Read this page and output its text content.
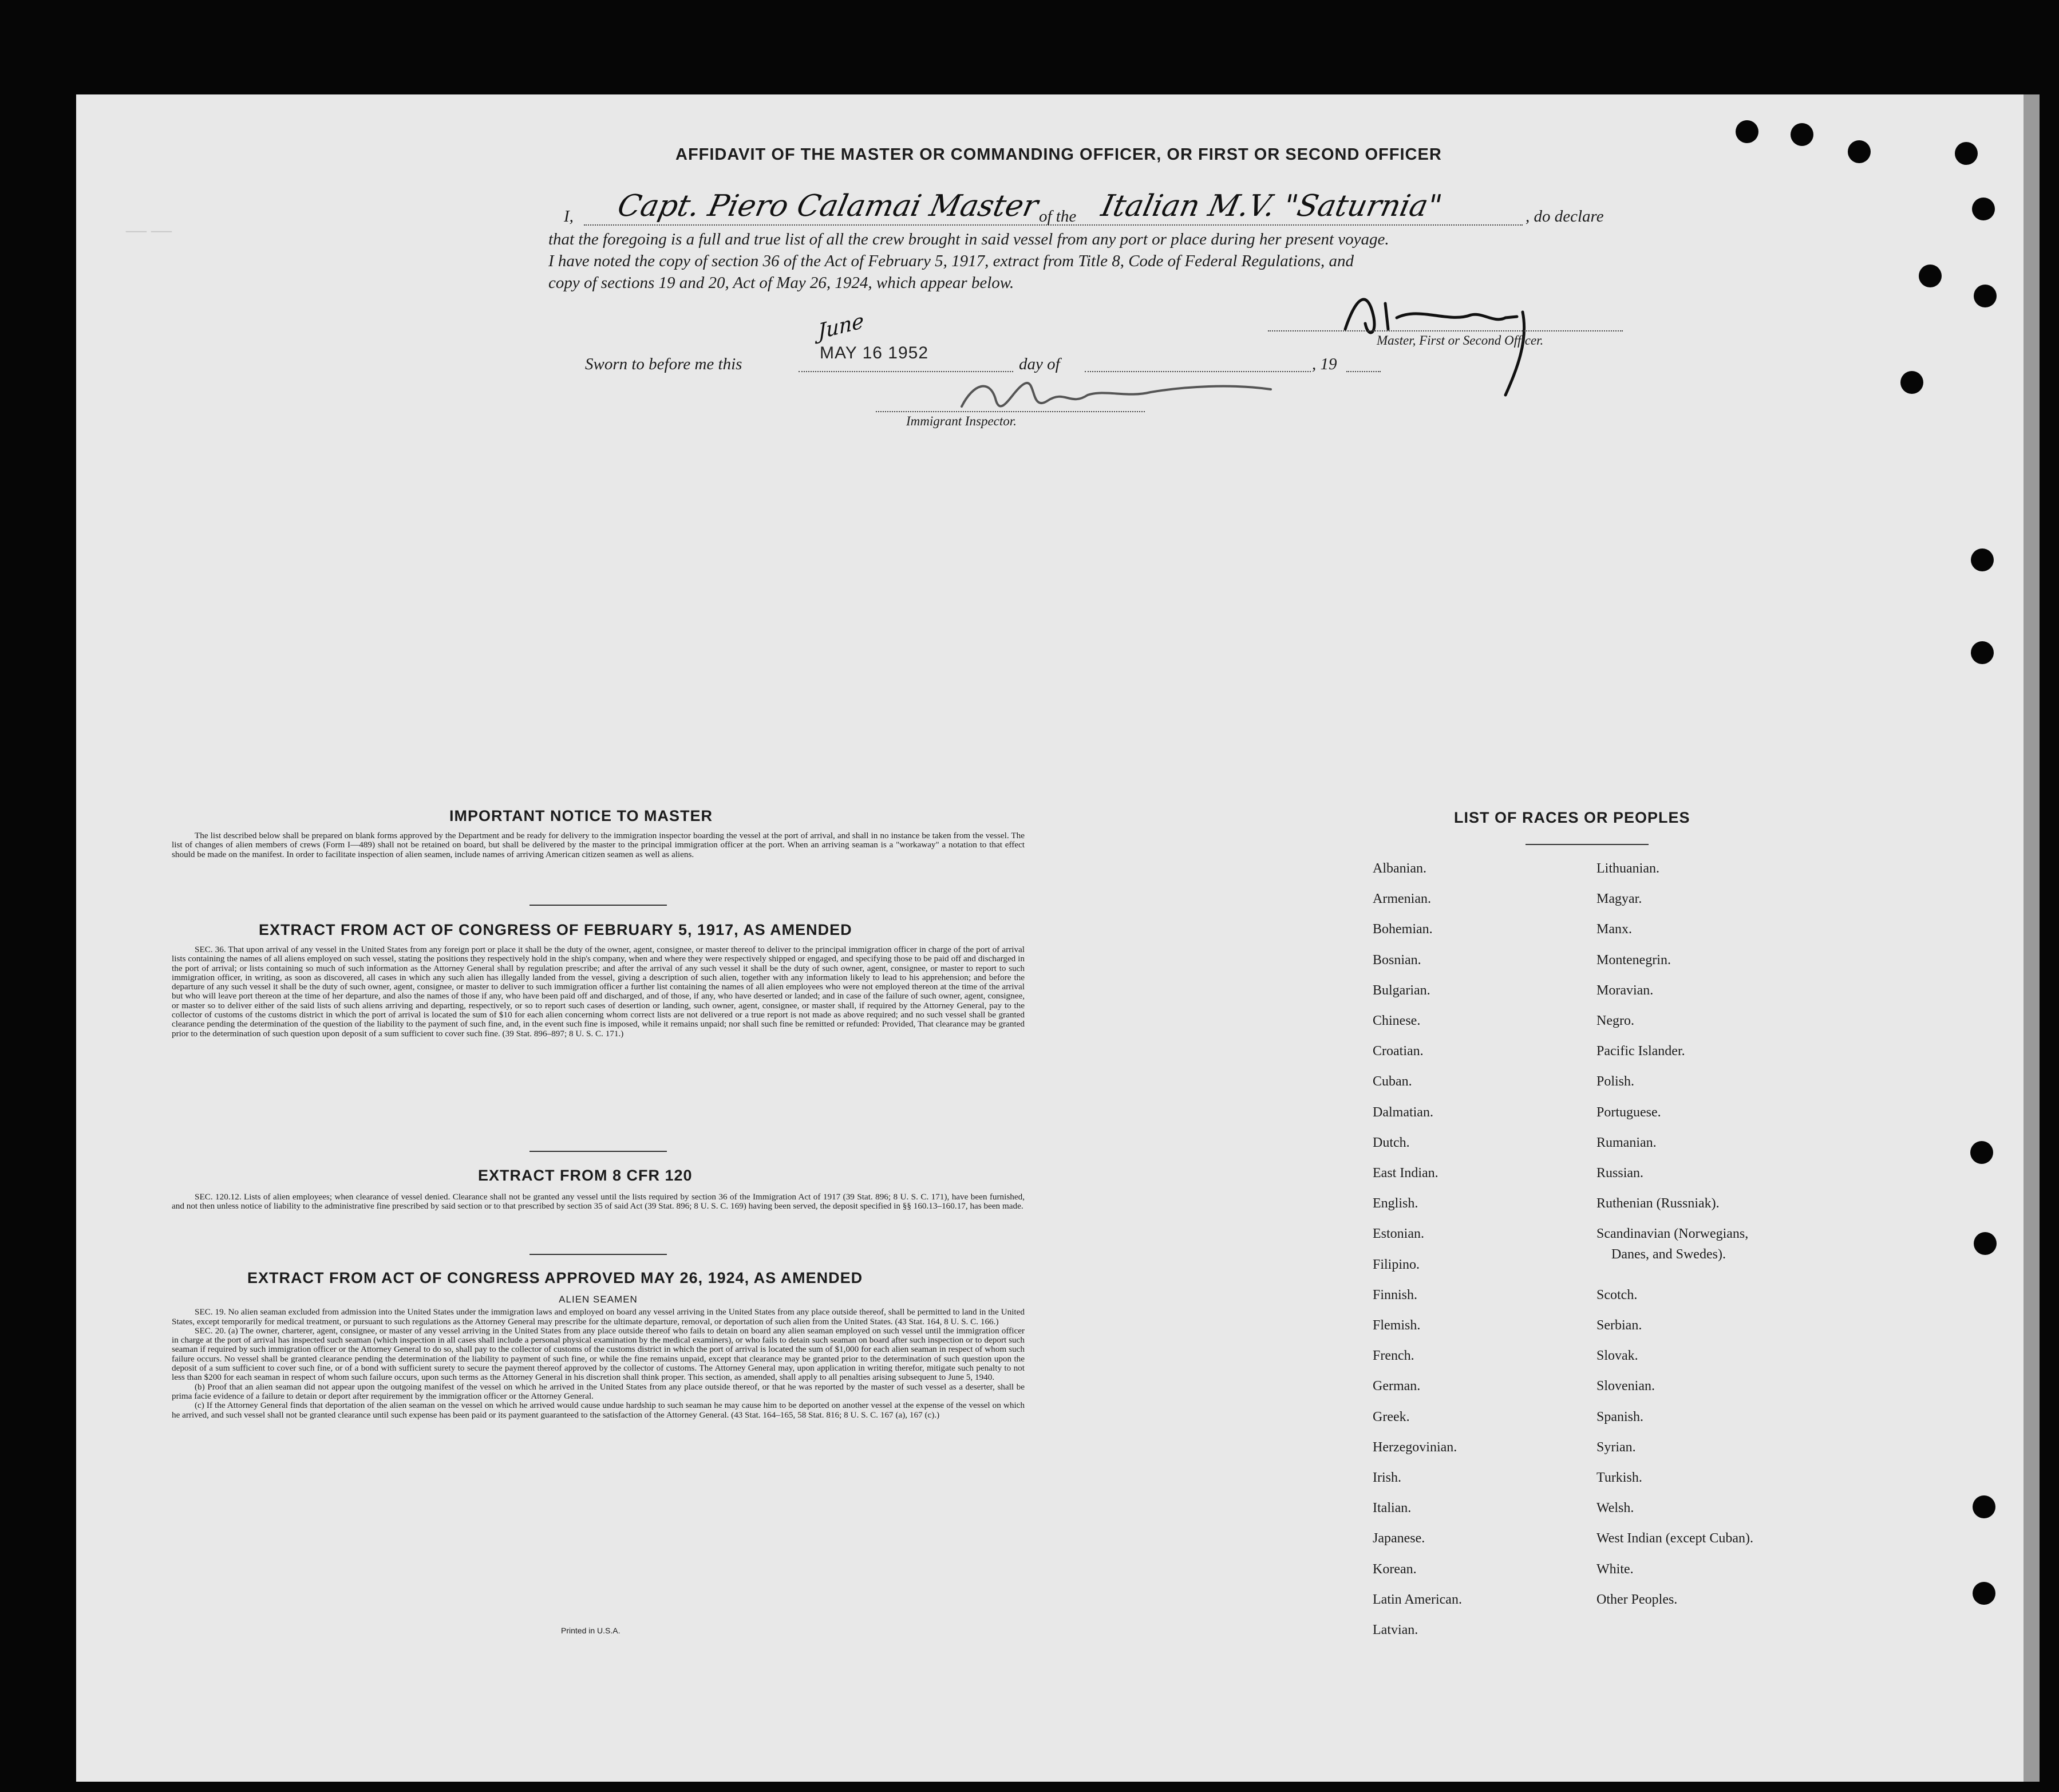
——
AFFIDAVIT OF THE MASTER OR COMMANDING OFFICER, OR FIRST OR SECOND OFFICER
I, Capt. Piero Calamai Master
of the Italian M.V. "Saturnia"	, do declare
that the foregoing is a full and true list of all the crew brought in said vessel from any port or place during her present voyage.
I have noted the copy of section 36 of the Act of February 5, 1917, extract from Title 8, Code of Federal Regulations, and
copy of sections 19 and 20, Act of May 26, 1924, which appear below.
Master, First or Second Officer.
Sworn to before me this
June
MAY 16 1952
day of	, 19
Immigrant Inspector.
IMPORTANT NOTICE TO MASTER

The list described below shall be prepared on blank forms approved by the Department and be ready for delivery to the immigration inspector boarding the vessel at the port of arrival, and shall in no instance be taken from the vessel. The list of changes of alien members of crews (Form I—489) shall not be retained on board, but shall be delivered by the master to the principal immigration officer at the port. When an arriving seaman is a "workaway" a notation to that effect should be made on the manifest. In order to facilitate inspection of alien seamen, include names of arriving American citizen seamen as well as aliens.

EXTRACT FROM ACT OF CONGRESS OF FEBRUARY 5, 1917, AS AMENDED

SEC. 36. That upon arrival of any vessel in the United States from any foreign port or place it shall be the duty of the owner, agent, consignee, or master thereof to deliver to the principal immigration officer in charge of the port of arrival lists containing the names of all aliens employed on such vessel, stating the positions they respectively hold in the ship's company, when and where they were respectively shipped or engaged, and specifying those to be paid off and discharged in the port of arrival; or lists containing so much of such information as the Attorney General shall by regulation prescribe; and after the arrival of any such vessel it shall be the duty of such owner, agent, consignee, or master to report to such immigration officer, in writing, as soon as discovered, all cases in which any such alien has illegally landed from the vessel, giving a description of such alien, together with any information likely to lead to his apprehension; and before the departure of any such vessel it shall be the duty of such owner, agent, consignee, or master to deliver to such immigration officer a further list containing the names of all alien employees who were not employed thereon at the time of the arrival but who will leave port thereon at the time of her departure, and also the names of those if any, who have been paid off and discharged, and of those, if any, who have deserted or landed; and in case of the failure of such owner, agent, consignee, or master so to deliver either of the said lists of such aliens arriving and departing, respectively, or so to report such cases of desertion or landing, such owner, agent, consignee, or master shall, if required by the Attorney General, pay to the collector of customs of the customs district in which the port of arrival is located the sum of $10 for each alien concerning whom correct lists are not delivered or a true report is not made as above required; and no such vessel shall be granted clearance pending the determination of the question of the liability to the payment of such fine, and, in the event such fine is imposed, while it remains unpaid; nor shall such fine be remitted or refunded: Provided, That clearance may be granted prior to the determination of such question upon deposit of a sum sufficient to cover such fine. (39 Stat. 896–897; 8 U. S. C. 171.)

EXTRACT FROM 8 CFR 120

SEC. 120.12. Lists of alien employees; when clearance of vessel denied. Clearance shall not be granted any vessel until the lists required by section 36 of the Immigration Act of 1917 (39 Stat. 896; 8 U. S. C. 171), have been furnished, and not then unless notice of liability to the administrative fine prescribed by said section or to that prescribed by section 35 of said Act (39 Stat. 896; 8 U. S. C. 169) having been served, the deposit specified in §§ 160.13–160.17, has been made.

EXTRACT FROM ACT OF CONGRESS APPROVED MAY 26, 1924, AS AMENDED

ALIEN SEAMEN

SEC. 19. No alien seaman excluded from admission into the United States under the immigration laws and employed on board any vessel arriving in the United States from any place outside thereof, shall be permitted to land in the United States, except temporarily for medical treatment, or pursuant to such regulations as the Attorney General may prescribe for the ultimate departure, removal, or deportation of such alien from the United States. (43 Stat. 164, 8 U. S. C. 166.)

SEC. 20. (a) The owner, charterer, agent, consignee, or master of any vessel arriving in the United States from any place outside thereof who fails to detain on board any alien seaman employed on such vessel until the immigration officer in charge at the port of arrival has inspected such seaman (which inspection in all cases shall include a personal physical examination by the medical examiners), or who fails to detain such seaman on board after such inspection or to deport such seaman if required by such immigration officer or the Attorney General to do so, shall pay to the collector of customs of the customs district in which the port of arrival is located the sum of $1,000 for each alien seaman in respect of whom such failure occurs. No vessel shall be granted clearance pending the determination of the liability to payment of such fine, or while the fine remains unpaid, except that clearance may be granted prior to the determination of such question upon the deposit of a sum sufficient to cover such fine, or of a bond with sufficient surety to secure the payment thereof approved by the collector of customs. The Attorney General may, upon application in writing therefor, mitigate such penalty to not less than $200 for each seaman in respect of whom such failure occurs, upon such terms as the Attorney General in his discretion shall think proper. This section, as amended, shall apply to all penalties arising subsequent to June 5, 1940.

(b) Proof that an alien seaman did not appear upon the outgoing manifest of the vessel on which he arrived in the United States from any place outside thereof, or that he was reported by the master of such vessel as a deserter, shall be prima facie evidence of a failure to detain or deport after requirement by the immigration officer or the Attorney General.

(c) If the Attorney General finds that deportation of the alien seaman on the vessel on which he arrived would cause undue hardship to such seaman he may cause him to be deported on another vessel at the expense of the vessel on which he arrived, and such vessel shall not be granted clearance until such expense has been paid or its payment guaranteed to the satisfaction of the Attorney General. (43 Stat. 164–165, 58 Stat. 816; 8 U. S. C. 167 (a), 167 (c).)

Printed in U.S.A.
LIST OF RACES OR PEOPLES
Albanian.
Armenian.
Bohemian.
Bosnian.
Bulgarian.
Chinese.
Croatian.
Cuban.
Dalmatian.
Dutch.
East Indian.
English.
Estonian.
Filipino.
Finnish.
Flemish.
French.
German.
Greek.
Herzegovinian.
Irish.
Italian.
Japanese.
Korean.
Latin American.
Latvian.
Lithuanian.
Magyar.
Manx.
Montenegrin.
Moravian.
Negro.
Pacific Islander.
Polish.
Portuguese.
Rumanian.
Russian.
Ruthenian (Russniak).
Scandinavian (Norwegians,
Scotch.
Serbian.
Slovak.
Slovenian.
Spanish.
Syrian.
Turkish.
Welsh.
West Indian (except Cuban).
White.
Other Peoples.
Danes, and Swedes).
